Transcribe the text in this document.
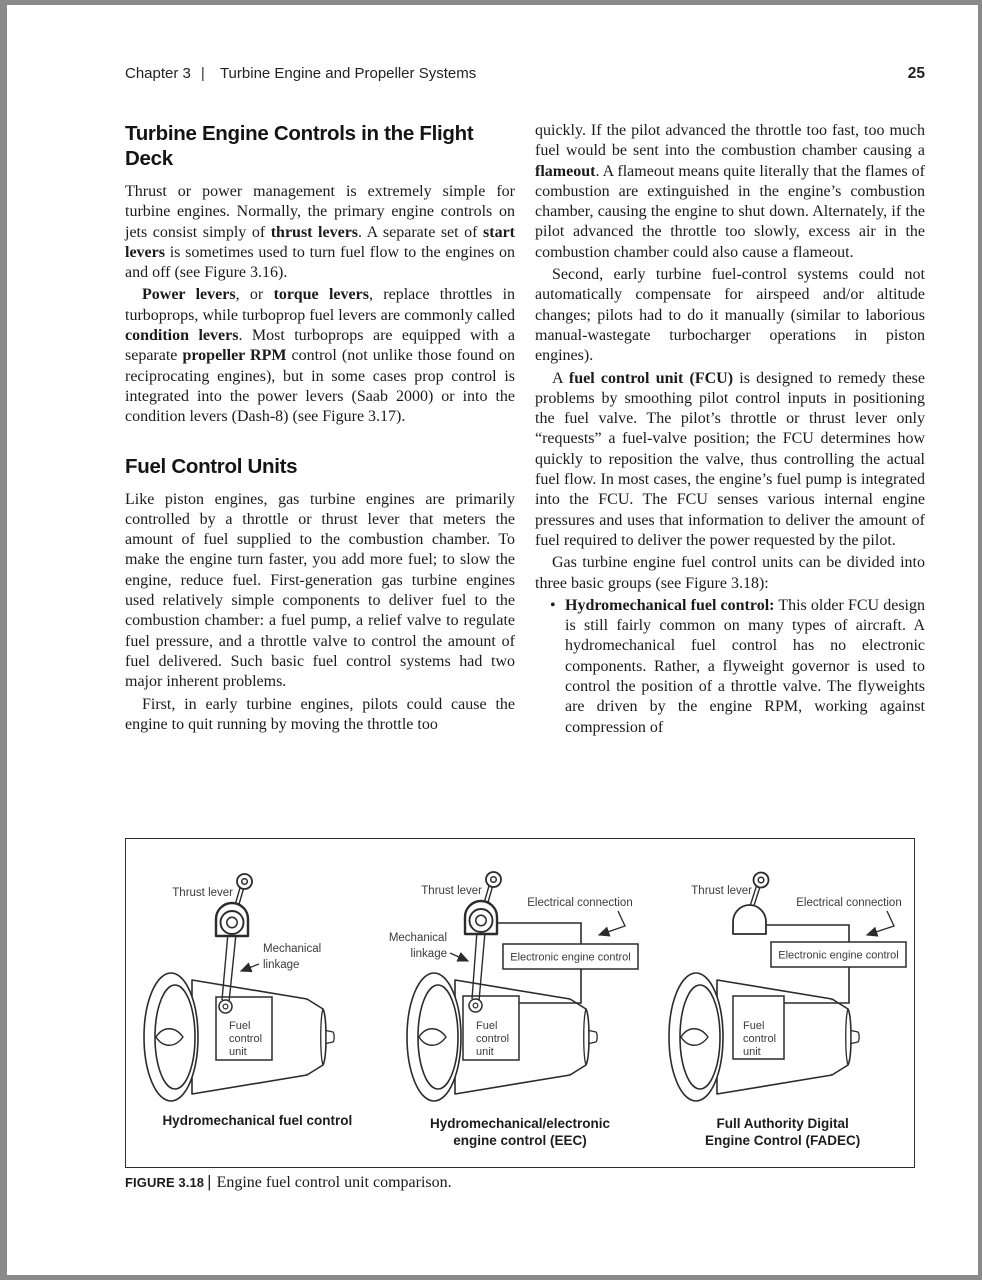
Chapter 3 | Turbine Engine and Propeller Systems	25
Turbine Engine Controls in the Flight Deck

Thrust or power management is extremely simple for turbine engines. Normally, the primary engine controls on jets consist simply of thrust levers. A separate set of start levers is sometimes used to turn fuel flow to the engines on and off (see Figure 3.16).

Power levers, or torque levers, replace throttles in turboprops, while turboprop fuel levers are commonly called condition levers. Most turboprops are equipped with a separate propeller RPM control (not unlike those found on reciprocating engines), but in some cases prop control is integrated into the power levers (Saab 2000) or into the condition levers (Dash-8) (see Figure 3.17).

Fuel Control Units

Like piston engines, gas turbine engines are primarily controlled by a throttle or thrust lever that meters the amount of fuel supplied to the combustion chamber. To make the engine turn faster, you add more fuel; to slow the engine, reduce fuel. First-generation gas turbine engines used relatively simple components to deliver fuel to the combustion chamber: a fuel pump, a relief valve to regulate fuel pressure, and a throttle valve to control the amount of fuel delivered. Such basic fuel control systems had two major inherent problems.

First, in early turbine engines, pilots could cause the engine to quit running by moving the throttle too

quickly. If the pilot advanced the throttle too fast, too much fuel would be sent into the combustion chamber causing a flameout. A flameout means quite literally that the flames of combustion are extinguished in the engine’s combustion chamber, causing the engine to shut down. Alternately, if the pilot advanced the throttle too slowly, excess air in the combustion chamber could also cause a flameout.

Second, early turbine fuel-control systems could not automatically compensate for airspeed and/or altitude changes; pilots had to do it manually (similar to laborious manual-wastegate turbocharger operations in piston engines).

A fuel control unit (FCU) is designed to remedy these problems by smoothing pilot control inputs in positioning the fuel valve. The pilot’s throttle or thrust lever only “requests” a fuel-valve position; the FCU determines how quickly to reposition the valve, thus controlling the actual fuel flow. In most cases, the engine’s fuel pump is integrated into the FCU. The FCU senses various internal engine pressures and uses that information to deliver the amount of fuel required to deliver the power requested by the pilot.

Gas turbine engine fuel control units can be divided into three basic groups (see Figure 3.18):

• Hydromechanical fuel control: This older FCU design is still fairly common on many types of aircraft. A hydromechanical fuel control has no electronic components. Rather, a flyweight governor is used to control the position of a throttle valve. The flyweights are driven by the engine RPM, working against compression of

Fuel
control
unit
Thrust lever
Mechanical
linkage
Hydromechanical fuel control
Electronic engine control
Fuel
control
unit
Thrust lever
Electrical connection
Mechanical
linkage
Hydromechanical/electronic
engine control (EEC)
Electronic engine control
Fuel
control
unit
Thrust lever
Electrical connection
Full Authority Digital
Engine Control (FADEC)
FIGURE 3.18 | Engine fuel control unit comparison.
